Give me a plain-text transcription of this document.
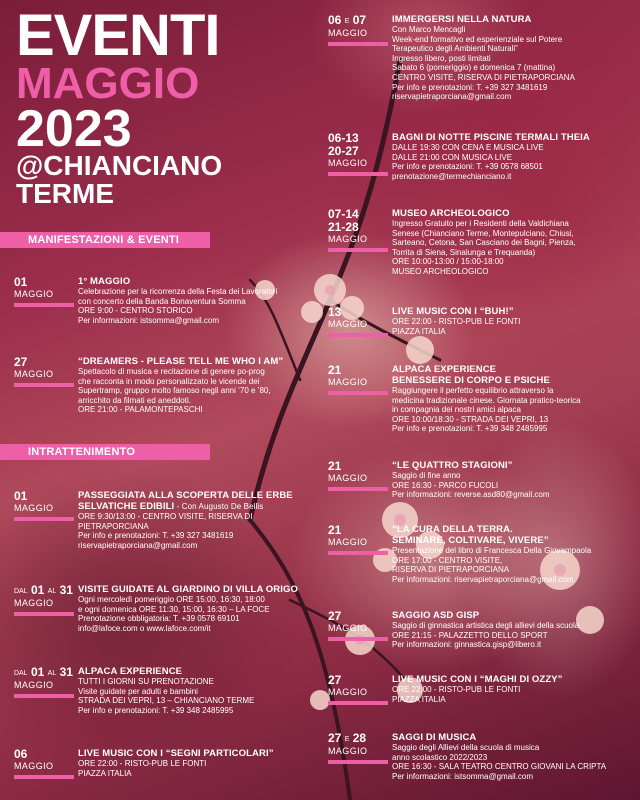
EVENTI
MAGGIO
2023
@CHIANCIANO
TERME
MANIFESTAZIONI & EVENTI
INTRATTENIMENTO
01
MAGGIO
1° MAGGIO
Celebrazione per la ricorrenza della Festa dei Lavoratori
con concerto della Banda Bonaventura Somma
ORE 9:00 - CENTRO STORICO
Per informazioni: istsomma@gmail.com
27
MAGGIO
“DREAMERS - PLEASE TELL ME WHO I AM”
Spettacolo di musica e recitazione di genere po-prog
che racconta in modo personalizzato le vicende dei
Supertramp, gruppo molto famoso negli anni ’70 e ’80,
arricchito da filmati ed aneddoti.
ORE 21:00 - PALAMONTEPASCHI
01
MAGGIO
PASSEGGIATA ALLA SCOPERTA DELLE ERBE
SELVATICHE EDIBILI - Con Augusto De Bellis
ORE 9:30/13:00 - CENTRO VISITE, RISERVA DI
PIETRAPORCIANA
Per info e prenotazioni: T. +39 327 3481619
riservapietraporciana@gmail.com
DAL 01 AL 31
MAGGIO
VISITE GUIDATE AL GIARDINO DI VILLA ORIGO
Ogni mercoledì pomeriggio ORE 15:00, 16:30, 18:00
e ogni domenica ORE 11:30, 15:00, 16:30 – LA FOCE
Prenotazione obbligatoria: T. +39 0578 69101
info@lafoce.com o www.lafoce.com/it
DAL 01 AL 31
MAGGIO
ALPACA EXPERIENCE
TUTTI I GIORNI SU PRENOTAZIONE
Visite guidate per adulti e bambini
STRADA DEI VEPRI, 13 – CHIANCIANO TERME
Per info e prenotazioni: T. +39 348 2485995
06
MAGGIO
LIVE MUSIC CON I “SEGNI PARTICOLARI”
ORE 22:00 - RISTO-PUB LE FONTI
PIAZZA ITALIA
06 E 07
MAGGIO
IMMERGERSI NELLA NATURA
Con Marco Mencagli
Week-end formativo ed esperienziale sul Potere
Terapeutico degli Ambienti Naturali”
Ingresso libero, posti limitati
Sabato 6 (pomeriggio) e domenica 7 (mattina)
CENTRO VISITE, RISERVA DI PIETRAPORCIANA
Per info e prenotazioni: T. +39 327 3481619
riservapietraporciana@gmail.com
06-13
20-27
MAGGIO
BAGNI DI NOTTE PISCINE TERMALI THEIA
DALLE 19:30 CON CENA E MUSICA LIVE
DALLE 21:00 CON MUSICA LIVE
Per info e prenotazioni: T. +39 0578 68501
prenotazione@termechianciano.it
07-14
21-28
MAGGIO
MUSEO ARCHEOLOGICO
Ingresso Gratuito per i Residenti della Valdichiana
Senese (Chianciano Terme, Montepulciano, Chiusi,
Sarteano, Cetona, San Casciano dei Bagni, Pienza,
Torrita di Siena, Sinalunga e Trequanda)
ORE 10:00-13:00 / 15:00-18:00
MUSEO ARCHEOLOGICO
13
MAGGIO
LIVE MUSIC CON I “BUH!”
ORE 22:00 - RISTO-PUB LE FONTI
PIAZZA ITALIA
21
MAGGIO
ALPACA EXPERIENCE
BENESSERE DI CORPO E PSICHE
Raggiungere il perfetto equilibrio attraverso la
medicina tradizionale cinese. Giornata pratico-teorica
in compagnia dei nostri amici alpaca
ORE 10:00/18:30 - STRADA DEI VEPRI, 13
Per info e prenotazioni: T. +39 348 2485995
21
MAGGIO
“LE QUATTRO STAGIONI”
Saggio di fine anno
ORE 16:30 - PARCO FUCOLI
Per informazioni: reverse.asd80@gmail.com
21
MAGGIO
“LA CURA DELLA TERRA.
SEMINARE, COLTIVARE, VIVERE”
Presentazione del libro di Francesca Della Giovampaola
ORE 17:00 - CENTRO VISITE,
RISERVA DI PIETRAPORCIANA
Per informazioni: riservapietraporciana@gmail.com
27
MAGGIO
SAGGIO ASD GISP
Saggio di ginnastica artistica degli allievi della scuola
ORE 21:15 - PALAZZETTO DELLO SPORT
Per informazioni: ginnastica.gisp@libero.it
27
MAGGIO
LIVE MUSIC CON I “MAGHI DI OZZY”
ORE 22:00 - RISTO-PUB LE FONTI
PIAZZA ITALIA
27 E 28
MAGGIO
SAGGI DI MUSICA
Saggio degli Allievi della scuola di musica
anno scolastico 2022/2023
ORE 16:30 - SALA TEATRO CENTRO GIOVANI LA CRIPTA
Per informazioni: istsomma@gmail.com
